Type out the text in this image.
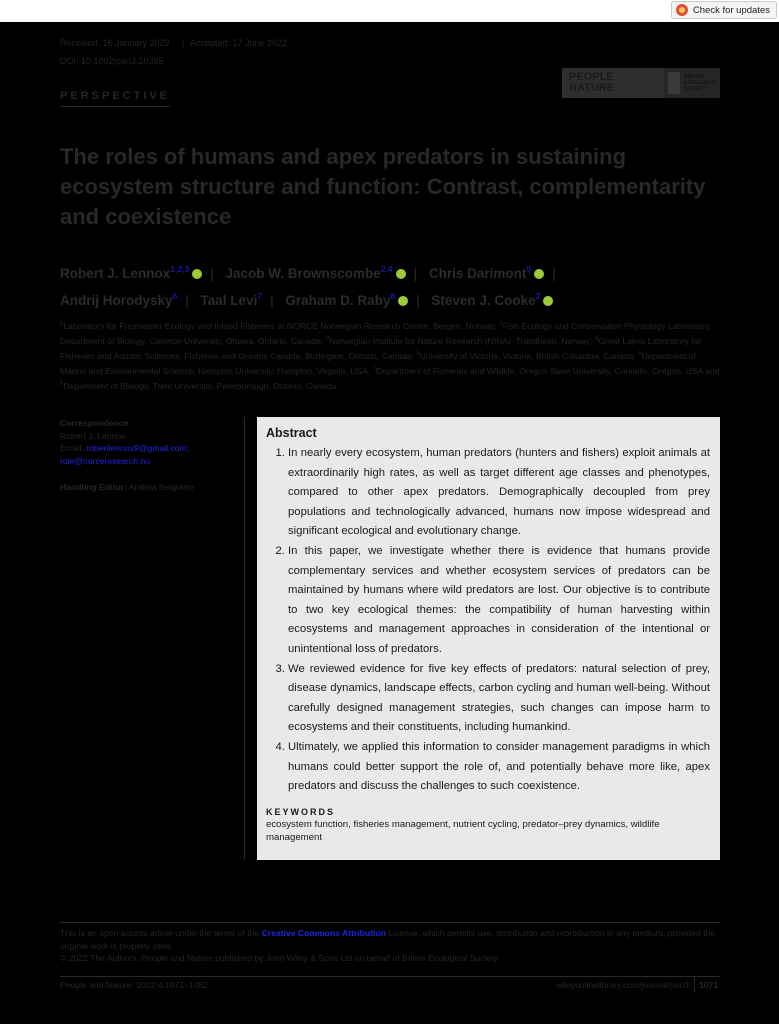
Check for updates
Received: 16 January 2022 | Accepted: 17 June 2022
DOI: 10.1002/pan3.10385
PERSPECTIVE
PEOPLE
NATURE
BRITISH ECOLOGICAL SOCIETY
The roles of humans and apex predators in sustaining ecosystem structure and function: Contrast, complementarity and coexistence
Robert J. Lennox$^{1,2,3}$ | Jacob W. Brownscombe$^{2,4}$ | Chris Darimont$^5$ |
Andrij Horodysky$^6$ | Taal Levi$^7$ | Graham D. Raby$^8$ | Steven J. Cooke$^2$
$^1$Laboratory for Freshwater Ecology and Inland Fisheries at NORCE Norwegian Research Center, Bergen, Norway; $^2$Fish Ecology and Conservation Physiology Laboratory, Department of Biology, Carleton University, Ottawa, Ontario, Canada; $^3$Norwegian Institute for Nature Research (NINA), Trondheim, Norway; $^4$Great Lakes Laboratory for Fisheries and Aquatic Sciences, Fisheries and Oceans Canada, Burlington, Ontario, Canada; $^5$University of Victoria, Victoria, British Columbia, Canada; $^6$Department of Marine and Environmental Science, Hampton University, Hampton, Virginia, USA; $^7$Department of Fisheries and Wildlife, Oregon State University, Corvallis, Oregon, USA and $^8$Department of Biology, Trent University, Peterborough, Ontario, Canada
Correspondence
Robert J. Lennox
Email: robertlennox9@gmail.com;
role@norceresearch.no
Handling Editor: Andrea Belgrano
Abstract
1. In nearly every ecosystem, human predators (hunters and fishers) exploit animals at extraordinarily high rates, as well as target different age classes and phenotypes, compared to other apex predators. Demographically decoupled from prey populations and technologically advanced, humans now impose widespread and significant ecological and evolutionary change.
2. In this paper, we investigate whether there is evidence that humans provide complementary services and whether ecosystem services of predators can be maintained by humans where wild predators are lost. Our objective is to contribute to two key ecological themes: the compatibility of human harvesting within ecosystems and management approaches in consideration of the intentional or unintentional loss of predators.
3. We reviewed evidence for five key effects of predators: natural selection of prey, disease dynamics, landscape effects, carbon cycling and human well-being. Without carefully designed management strategies, such changes can impose harm to ecosystems and their constituents, including humankind.
4. Ultimately, we applied this information to consider management paradigms in which humans could better support the role of, and potentially behave more like, apex predators and discuss the challenges to such coexistence.
KEYWORDS
ecosystem function, fisheries management, nutrient cycling, predator–prey dynamics, wildlife management
This is an open access article under the terms of the Creative Commons Attribution License, which permits use, distribution and reproduction in any medium, provided the original work is properly cited.
© 2022 The Authors. People and Nature published by John Wiley & Sons Ltd on behalf of British Ecological Society.
People and Nature. 2022;4:1071–1082.	wileyonlinelibrary.com/journal/pan3 1071
